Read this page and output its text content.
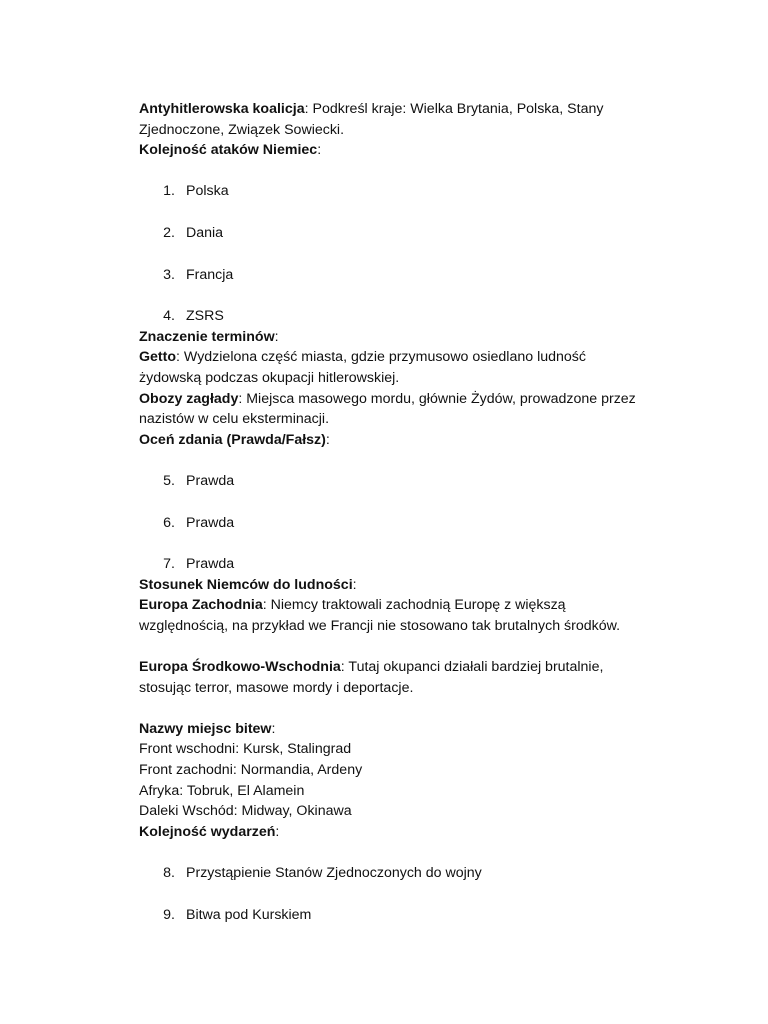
Antyhitlerowska koalicja: Podkreśl kraje: Wielka Brytania, Polska, Stany
Zjednoczone, Związek Sowiecki.
Kolejność ataków Niemiec:
1. Polska
2. Dania
3. Francja
4. ZSRS
Znaczenie terminów:
Getto: Wydzielona część miasta, gdzie przymusowo osiedlano ludność
żydowską podczas okupacji hitlerowskiej.
Obozy zagłady: Miejsca masowego mordu, głównie Żydów, prowadzone przez
nazistów w celu eksterminacji.
Oceń zdania (Prawda/Fałsz):
5. Prawda
6. Prawda
7. Prawda
Stosunek Niemców do ludności:
Europa Zachodnia: Niemcy traktowali zachodnią Europę z większą
względnością, na przykład we Francji nie stosowano tak brutalnych środków.
Europa Środkowo-Wschodnia: Tutaj okupanci działali bardziej brutalnie,
stosując terror, masowe mordy i deportacje.
Nazwy miejsc bitew:
Front wschodni: Kursk, Stalingrad
Front zachodni: Normandia, Ardeny
Afryka: Tobruk, El Alamein
Daleki Wschód: Midway, Okinawa
Kolejność wydarzeń:
8. Przystąpienie Stanów Zjednoczonych do wojny
9. Bitwa pod Kurskiem
